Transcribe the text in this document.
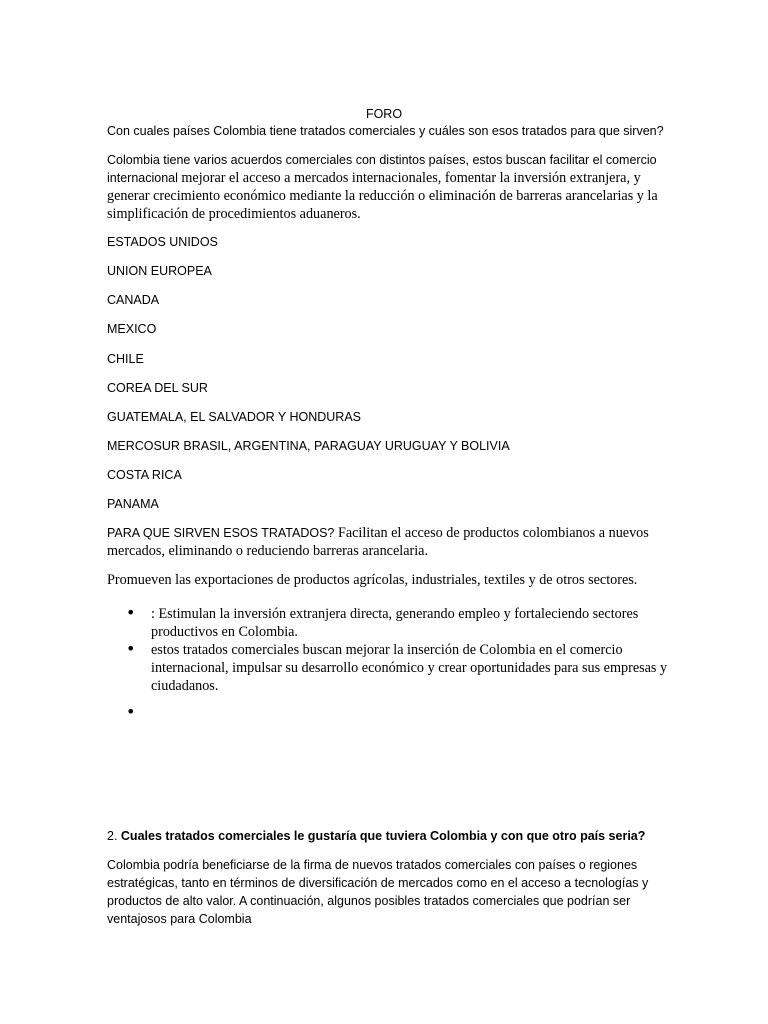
FORO

Con cuales países Colombia tiene tratados comerciales y cuáles son esos tratados para que sirven?

Colombia tiene varios acuerdos comerciales con distintos países, estos buscan facilitar el comercio internacional mejorar el acceso a mercados internacionales, fomentar la inversión extranjera, y generar crecimiento económico mediante la reducción o eliminación de barreras arancelarias y la simplificación de procedimientos aduaneros.

ESTADOS UNIDOS

UNION EUROPEA

CANADA

MEXICO

CHILE

COREA DEL SUR

GUATEMALA, EL SALVADOR Y HONDURAS

MERCOSUR BRASIL, ARGENTINA, PARAGUAY URUGUAY Y BOLIVIA

COSTA RICA

PANAMA

PARA QUE SIRVEN ESOS TRATADOS? Facilitan el acceso de productos colombianos a nuevos mercados, eliminando o reduciendo barreras arancelaria.

Promueven las exportaciones de productos agrícolas, industriales, textiles y de otros sectores.

•	: Estimulan la inversión extranjera directa, generando empleo y fortaleciendo sectores productivos en Colombia.

•	estos tratados comerciales buscan mejorar la inserción de Colombia en el comercio internacional, impulsar su desarrollo económico y crear oportunidades para sus empresas y ciudadanos.

•

2. Cuales tratados comerciales le gustaría que tuviera Colombia y con que otro país seria?

Colombia podría beneficiarse de la firma de nuevos tratados comerciales con países o regiones estratégicas, tanto en términos de diversificación de mercados como en el acceso a tecnologías y productos de alto valor. A continuación, algunos posibles tratados comerciales que podrían ser ventajosos para Colombia
